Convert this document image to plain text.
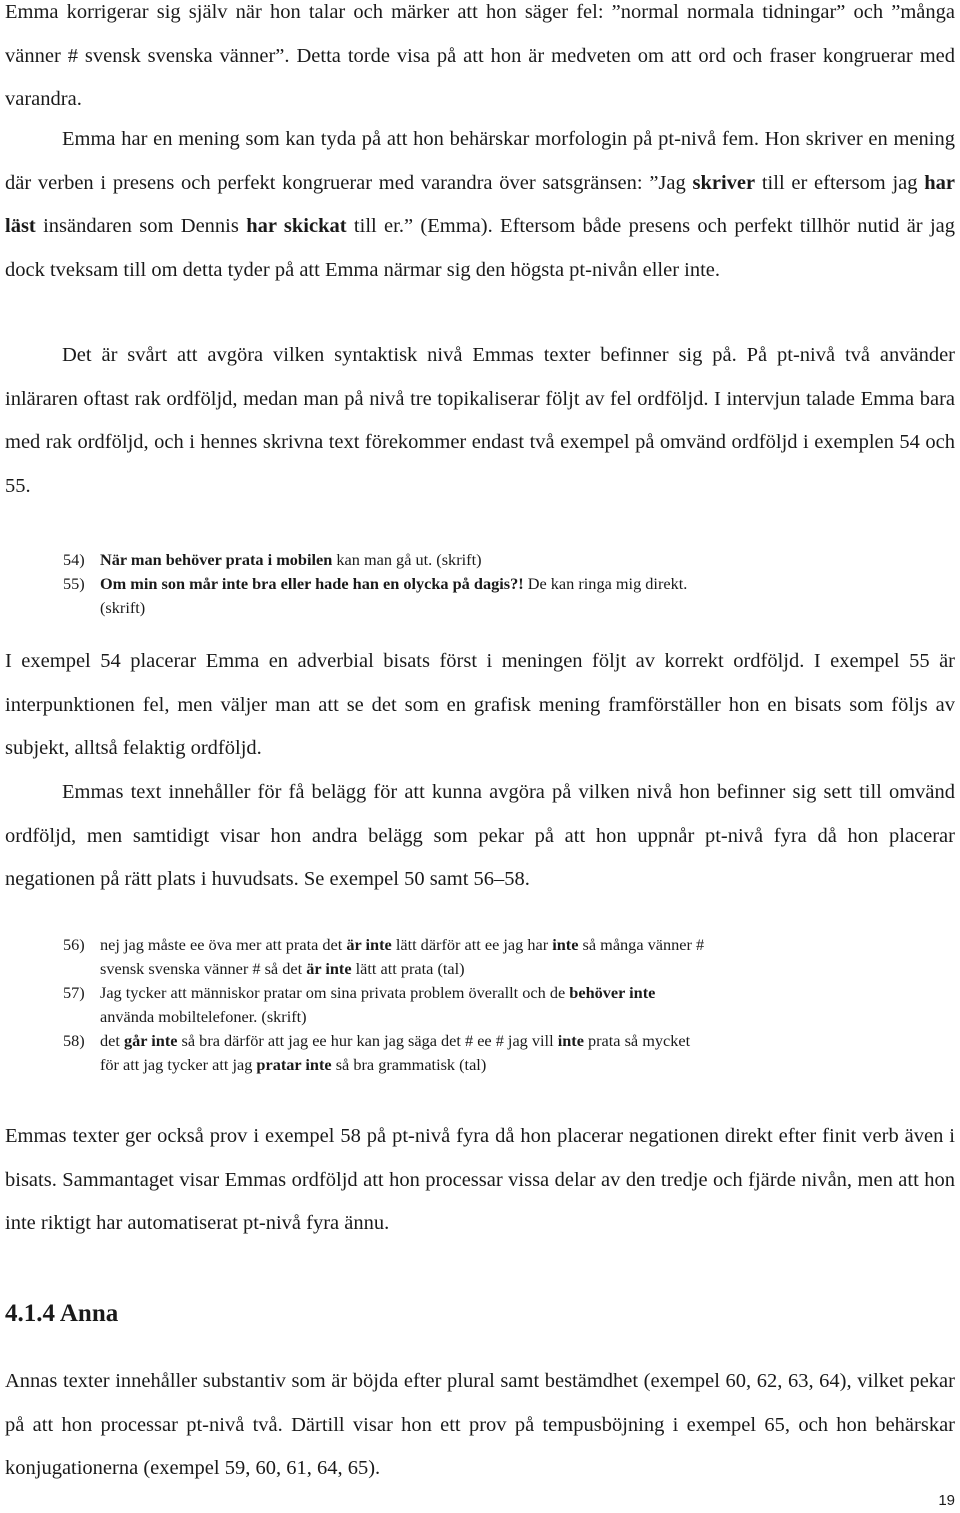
Emma korrigerar sig själv när hon talar och märker att hon säger fel: ”normal normala tidningar” och ”många vänner # svensk svenska vänner”. Detta torde visa på att hon är medveten om att ord och fraser kongruerar med varandra.

Emma har en mening som kan tyda på att hon behärskar morfologin på pt-nivå fem. Hon skriver en mening där verben i presens och perfekt kongruerar med varandra över satsgränsen: ”Jag skriver till er eftersom jag har läst insändaren som Dennis har skickat till er.” (Emma). Eftersom både presens och perfekt tillhör nutid är jag dock tveksam till om detta tyder på att Emma närmar sig den högsta pt-nivån eller inte.

Det är svårt att avgöra vilken syntaktisk nivå Emmas texter befinner sig på. På pt-nivå två använder inläraren oftast rak ordföljd, medan man på nivå tre topikaliserar följt av fel ordföljd. I intervjun talade Emma bara med rak ordföljd, och i hennes skrivna text förekommer endast två exempel på omvänd ordföljd i exemplen 54 och 55.

54) När man behöver prata i mobilen kan man gå ut. (skrift)
55) Om min son mår inte bra eller hade han en olycka på dagis?! De kan ringa mig direkt.
(skrift)

I exempel 54 placerar Emma en adverbial bisats först i meningen följt av korrekt ordföljd. I exempel 55 är interpunktionen fel, men väljer man att se det som en grafisk mening framförställer hon en bisats som följs av subjekt, alltså felaktig ordföljd.

Emmas text innehåller för få belägg för att kunna avgöra på vilken nivå hon befinner sig sett till omvänd ordföljd, men samtidigt visar hon andra belägg som pekar på att hon uppnår pt-nivå fyra då hon placerar negationen på rätt plats i huvudsats. Se exempel 50 samt 56–58.

56) nej jag måste ee öva mer att prata det är inte lätt därför att ee jag har inte så många vänner #
svensk svenska vänner # så det är inte lätt att prata (tal)
57) Jag tycker att människor pratar om sina privata problem överallt och de behöver inte
använda mobiltelefoner. (skrift)
58) det går inte så bra därför att jag ee hur kan jag säga det # ee # jag vill inte prata så mycket
för att jag tycker att jag pratar inte så bra grammatisk (tal)

Emmas texter ger också prov i exempel 58 på pt-nivå fyra då hon placerar negationen direkt efter finit verb även i bisats. Sammantaget visar Emmas ordföljd att hon processar vissa delar av den tredje och fjärde nivån, men att hon inte riktigt har automatiserat pt-nivå fyra ännu.

4.1.4 Anna

Annas texter innehåller substantiv som är böjda efter plural samt bestämdhet (exempel 60, 62, 63, 64), vilket pekar på att hon processar pt-nivå två. Därtill visar hon ett prov på tempusböjning i exempel 65, och hon behärskar konjugationerna (exempel 59, 60, 61, 64, 65).

19
